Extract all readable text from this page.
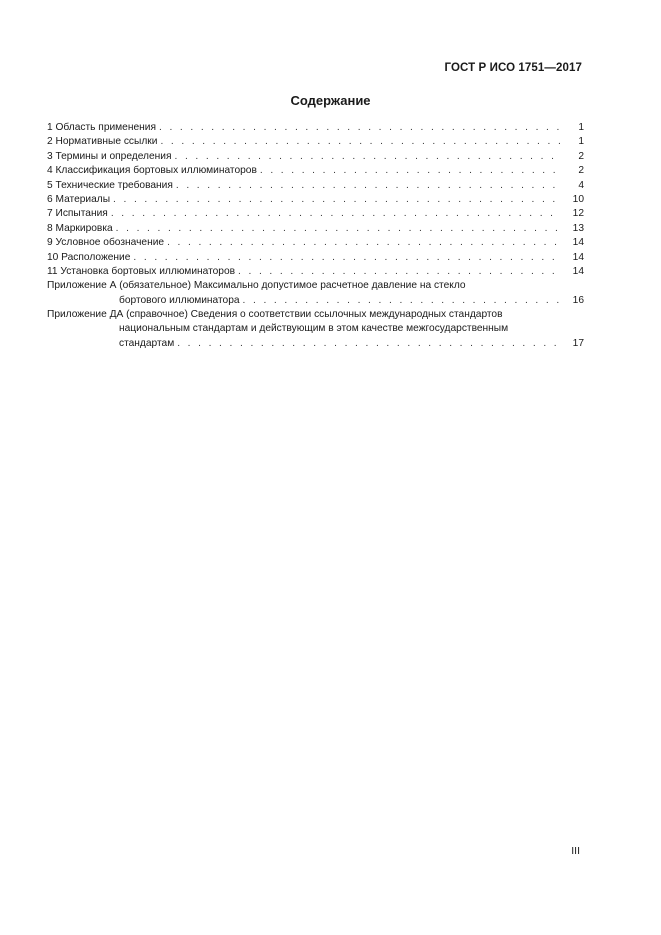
ГОСТ Р ИСО 1751—2017
Содержание
1 Область применения . . .	1
2 Нормативные ссылки . . .	1
3 Термины и определения . . .	2
4 Классификация бортовых иллюминаторов . . .	2
5 Технические требования . . .	4
6 Материалы . . .	10
7 Испытания . . .	12
8 Маркировка . . .	13
9 Условное обозначение . . .	14
10 Расположение . . .	14
11 Установка бортовых иллюминаторов . . .	14
Приложение А (обязательное) Максимально допустимое расчетное давление на стекло
бортового иллюминатора . . .	16
Приложение ДА (справочное) Сведения о соответствии ссылочных международных стандартов
национальным стандартам и действующим в этом качестве межгосударственным
стандартам . . .	17
III
